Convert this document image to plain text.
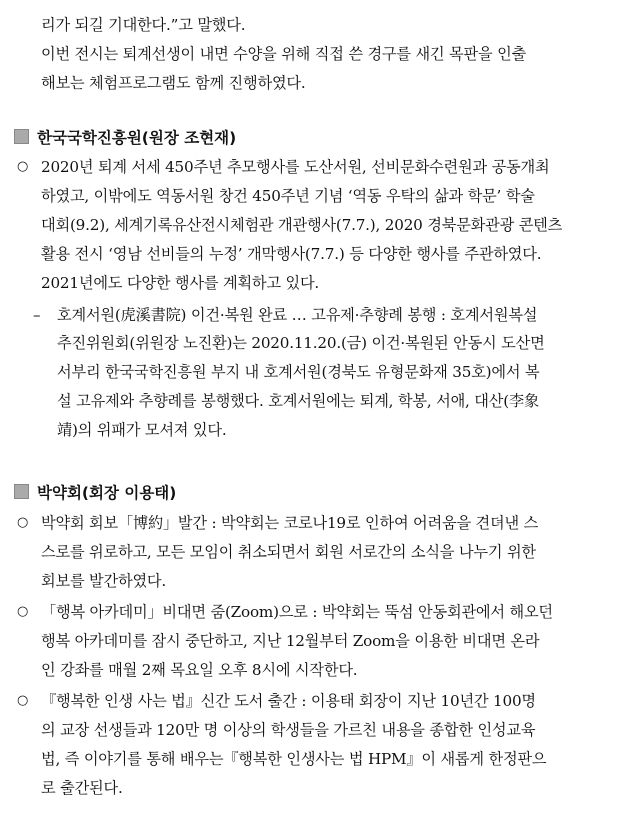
리가 되길 기대한다.”고 말했다.
이번 전시는 퇴계선생이 내면 수양을 위해 직접 쓴 경구를 새긴 목판을 인출
해보는 체험프로그램도 함께 진행하였다.
한국국학진흥원(원장 조현재)
○ 2020년 퇴계 서세 450주년 추모행사를 도산서원, 선비문화수련원과 공동개최
하였고, 이밖에도 역동서원 창건 450주년 기념 ‘역동 우탁의 삶과 학문’ 학술
대회(9.2), 세계기록유산전시체험관 개관행사(7.7.), 2020 경북문화관광 콘텐츠
활용 전시 ‘영남 선비들의 누정’ 개막행사(7.7.) 등 다양한 행사를 주관하였다.
2021년에도 다양한 행사를 계획하고 있다.
– 호계서원(虎溪書院) 이건·복원 완료 … 고유제·추향례 봉행 : 호계서원복설
추진위원회(위원장 노진환)는 2020.11.20.(금) 이건·복원된 안동시 도산면
서부리 한국국학진흥원 부지 내 호계서원(경북도 유형문화재 35호)에서 복
설 고유제와 추향례를 봉행했다. 호계서원에는 퇴계, 학봉, 서애, 대산(李象
靖)의 위패가 모셔져 있다.
박약회(회장 이용태)
○ 박약회 회보「博約」발간 : 박약회는 코로나19로 인하여 어려움을 견뎌낸 스
스로를 위로하고, 모든 모임이 취소되면서 회원 서로간의 소식을 나누기 위한
회보를 발간하였다.
○ 「행복 아카데미」비대면 줌(Zoom)으로 : 박약회는 뚝섬 안동회관에서 해오던
행복 아카데미를 잠시 중단하고, 지난 12월부터 Zoom을 이용한 비대면 온라
인 강좌를 매월 2째 목요일 오후 8시에 시작한다.
○ 『행복한 인생 사는 법』신간 도서 출간 : 이용태 회장이 지난 10년간 100명
의 교장 선생들과 120만 명 이상의 학생들을 가르친 내용을 종합한 인성교육
법, 즉 이야기를 통해 배우는『행복한 인생사는 법 HPM』이 새롭게 한정판으
로 출간된다.
